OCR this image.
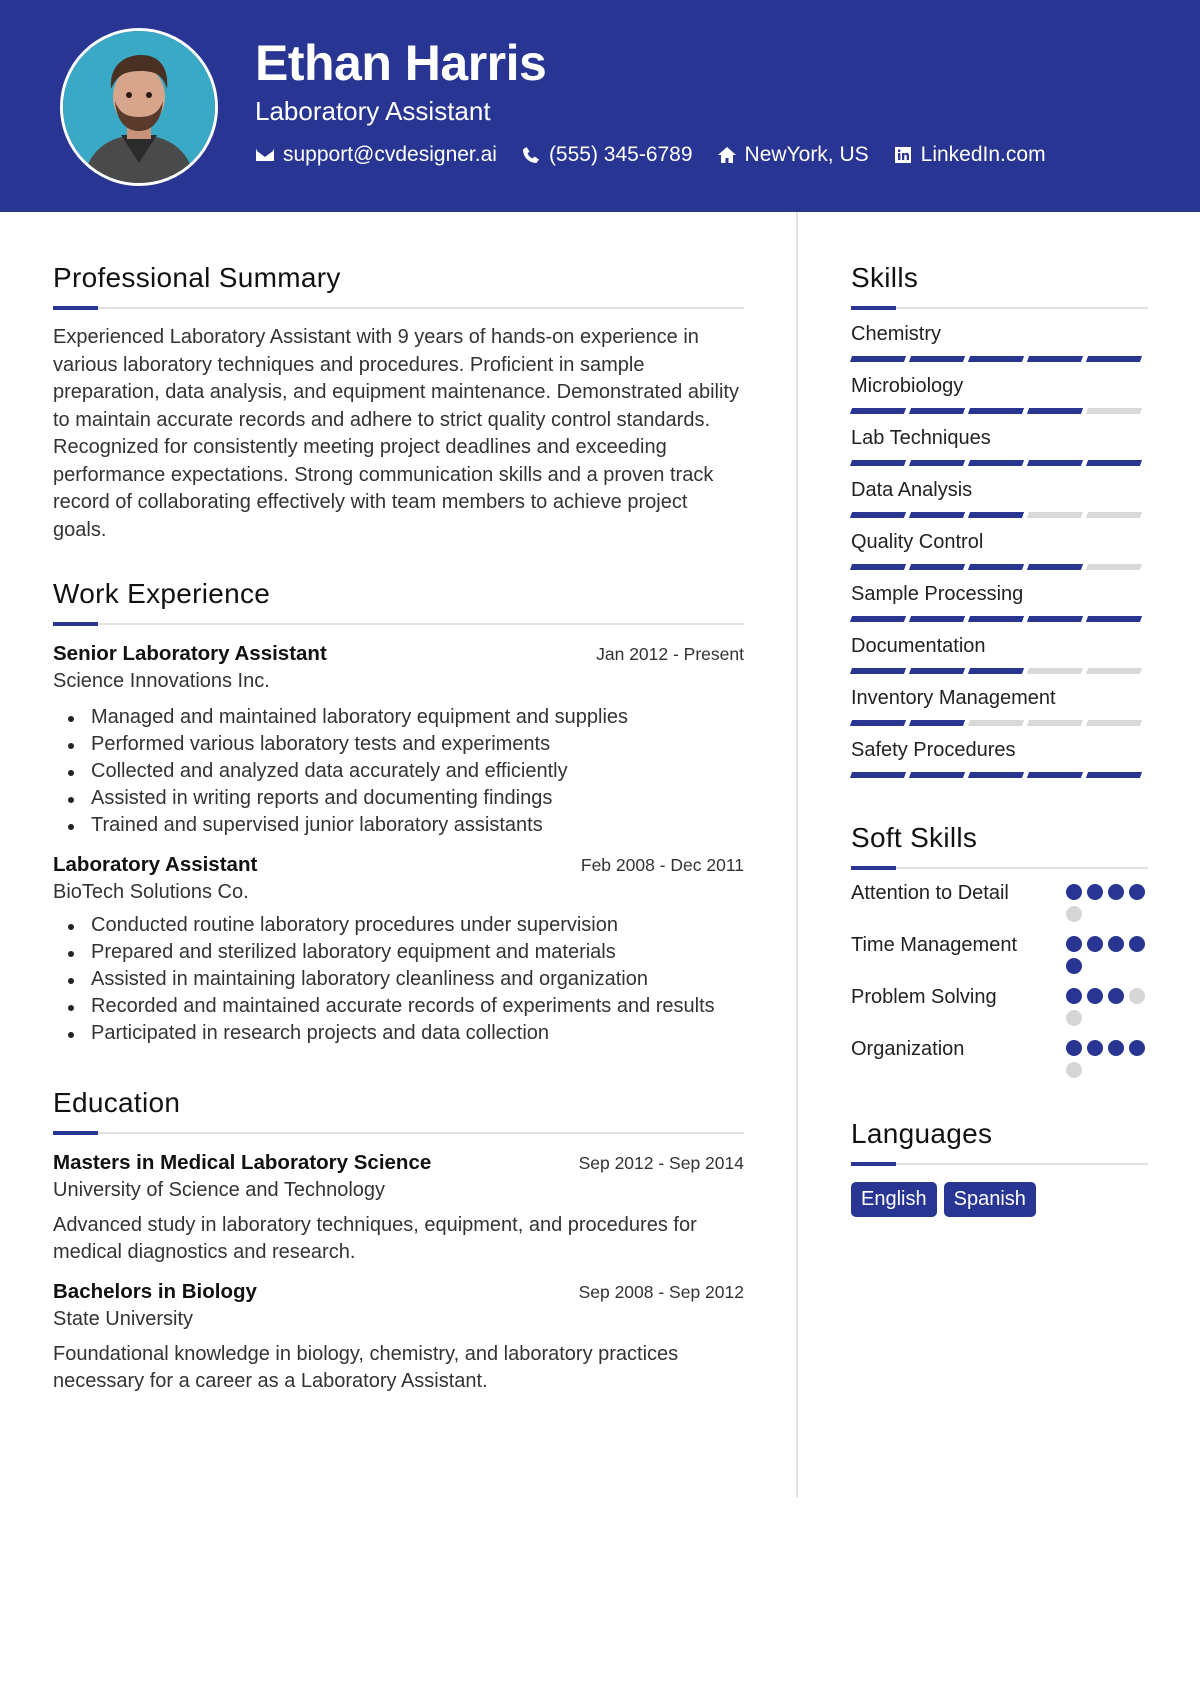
Ethan Harris
Laboratory Assistant
support@cvdesigner.ai (555) 345-6789 NewYork, US LinkedIn.com
Professional Summary

Experienced Laboratory Assistant with 9 years of hands-on experience in various laboratory techniques and procedures. Proficient in sample preparation, data analysis, and equipment maintenance. Demonstrated ability to maintain accurate records and adhere to strict quality control standards. Recognized for consistently meeting project deadlines and exceeding performance expectations. Strong communication skills and a proven track record of collaborating effectively with team members to achieve project goals.

Work Experience
Senior Laboratory Assistant	Jan 2012 - Present
Science Innovations Inc.
Managed and maintained laboratory equipment and supplies
Performed various laboratory tests and experiments
Collected and analyzed data accurately and efficiently
Assisted in writing reports and documenting findings
Trained and supervised junior laboratory assistants
Laboratory Assistant	Feb 2008 - Dec 2011
BioTech Solutions Co.
Conducted routine laboratory procedures under supervision
Prepared and sterilized laboratory equipment and materials
Assisted in maintaining laboratory cleanliness and organization
Recorded and maintained accurate records of experiments and results
Participated in research projects and data collection
Education
Masters in Medical Laboratory Science	Sep 2012 - Sep 2014
University of Science and Technology

Advanced study in laboratory techniques, equipment, and procedures for medical diagnostics and research.

Bachelors in Biology	Sep 2008 - Sep 2012
State University

Foundational knowledge in biology, chemistry, and laboratory practices necessary for a career as a Laboratory Assistant.

Skills
Chemistry
Microbiology
Lab Techniques
Data Analysis
Quality Control
Sample Processing
Documentation
Inventory Management
Safety Procedures
Soft Skills
Attention to Detail
Time Management
Problem Solving
Organization
Languages
English	Spanish
